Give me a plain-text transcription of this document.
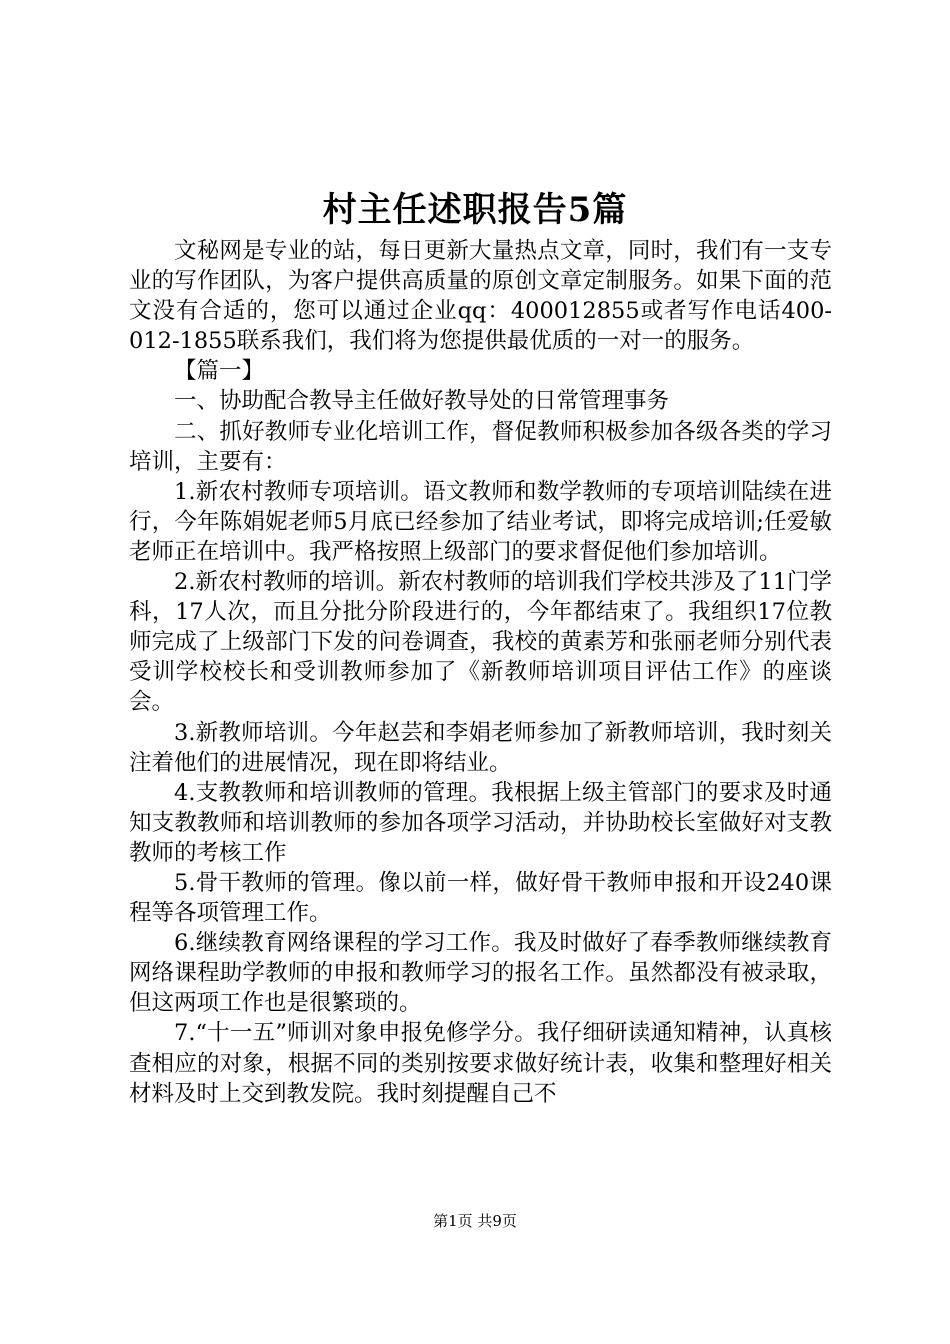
村主任述职报告5篇

文秘网是专业的站，每日更新大量热点文章，同时，我们有一支专业的写作团队，为客户提供高质量的原创文章定制服务。如果下面的范文没有合适的，您可以通过企业qq：400012855或者写作电话400-012-1855联系我们，我们将为您提供最优质的一对一的服务。

【篇一】

一、协助配合教导主任做好教导处的日常管理事务

二、抓好教师专业化培训工作，督促教师积极参加各级各类的学习培训，主要有：

1.新农村教师专项培训。语文教师和数学教师的专项培训陆续在进行，今年陈娟妮老师5月底已经参加了结业考试，即将完成培训;任爱敏老师正在培训中。我严格按照上级部门的要求督促他们参加培训。

2.新农村教师的培训。新农村教师的培训我们学校共涉及了11门学科，17人次，而且分批分阶段进行的，今年都结束了。我组织17位教师完成了上级部门下发的问卷调查，我校的黄素芳和张丽老师分别代表受训学校校长和受训教师参加了《新教师培训项目评估工作》的座谈会。

3.新教师培训。今年赵芸和李娟老师参加了新教师培训，我时刻关注着他们的进展情况，现在即将结业。

4.支教教师和培训教师的管理。我根据上级主管部门的要求及时通知支教教师和培训教师的参加各项学习活动，并协助校长室做好对支教教师的考核工作

5.骨干教师的管理。像以前一样，做好骨干教师申报和开设240课程等各项管理工作。

6.继续教育网络课程的学习工作。我及时做好了春季教师继续教育网络课程助学教师的申报和教师学习的报名工作。虽然都没有被录取，但这两项工作也是很繁琐的。

7.“十一五”师训对象申报免修学分。我仔细研读通知精神，认真核查相应的对象，根据不同的类别按要求做好统计表，收集和整理好相关材料及时上交到教发院。我时刻提醒自己不

第1页 共9页
